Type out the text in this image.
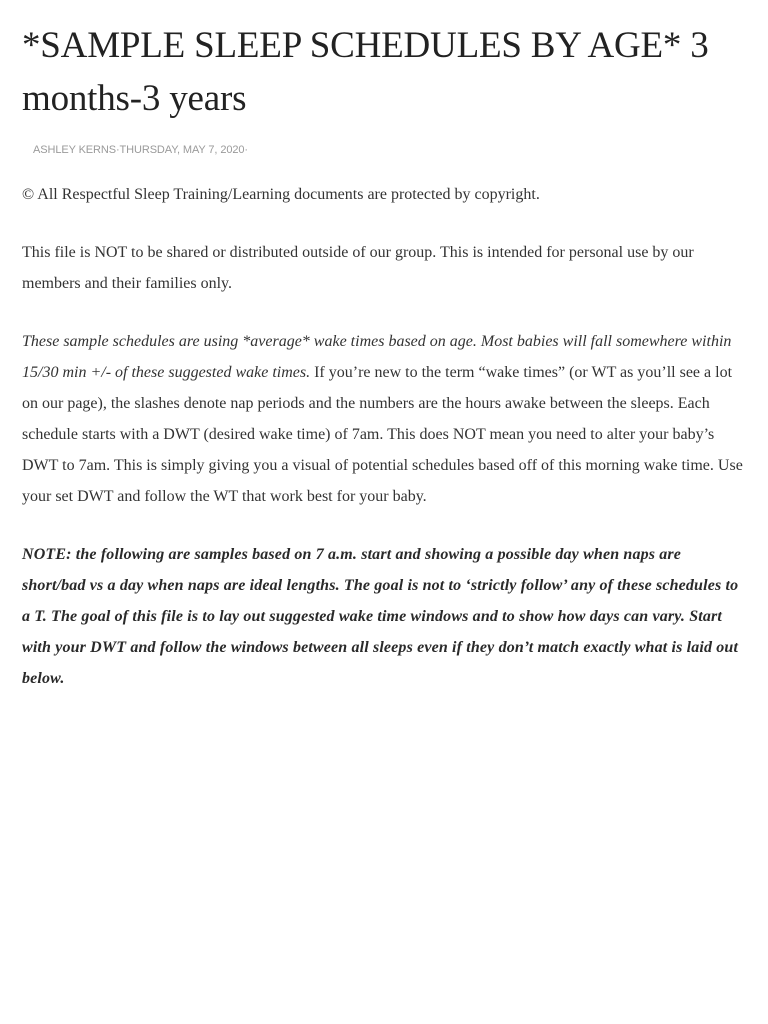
*SAMPLE SLEEP SCHEDULES BY AGE* 3 months-3 years
ASHLEY KERNS·THURSDAY, MAY 7, 2020·

© All Respectful Sleep Training/Learning documents are protected by copyright.

This file is NOT to be shared or distributed outside of our group. This is intended for personal use by our members and their families only.

These sample schedules are using *average* wake times based on age. Most babies will fall somewhere within 15/30 min +/- of these suggested wake times. If you’re new to the term “wake times” (or WT as you’ll see a lot on our page), the slashes denote nap periods and the numbers are the hours awake between the sleeps. Each schedule starts with a DWT (desired wake time) of 7am. This does NOT mean you need to alter your baby’s DWT to 7am. This is simply giving you a visual of potential schedules based off of this morning wake time. Use your set DWT and follow the WT that work best for your baby.

NOTE: the following are samples based on 7 a.m. start and showing a possible day when naps are short/bad vs a day when naps are ideal lengths. The goal is not to ‘strictly follow’ any of these schedules to a T. The goal of this file is to lay out suggested wake time windows and to show how days can vary. Start with your DWT and follow the windows between all sleeps even if they don’t match exactly what is laid out below.
